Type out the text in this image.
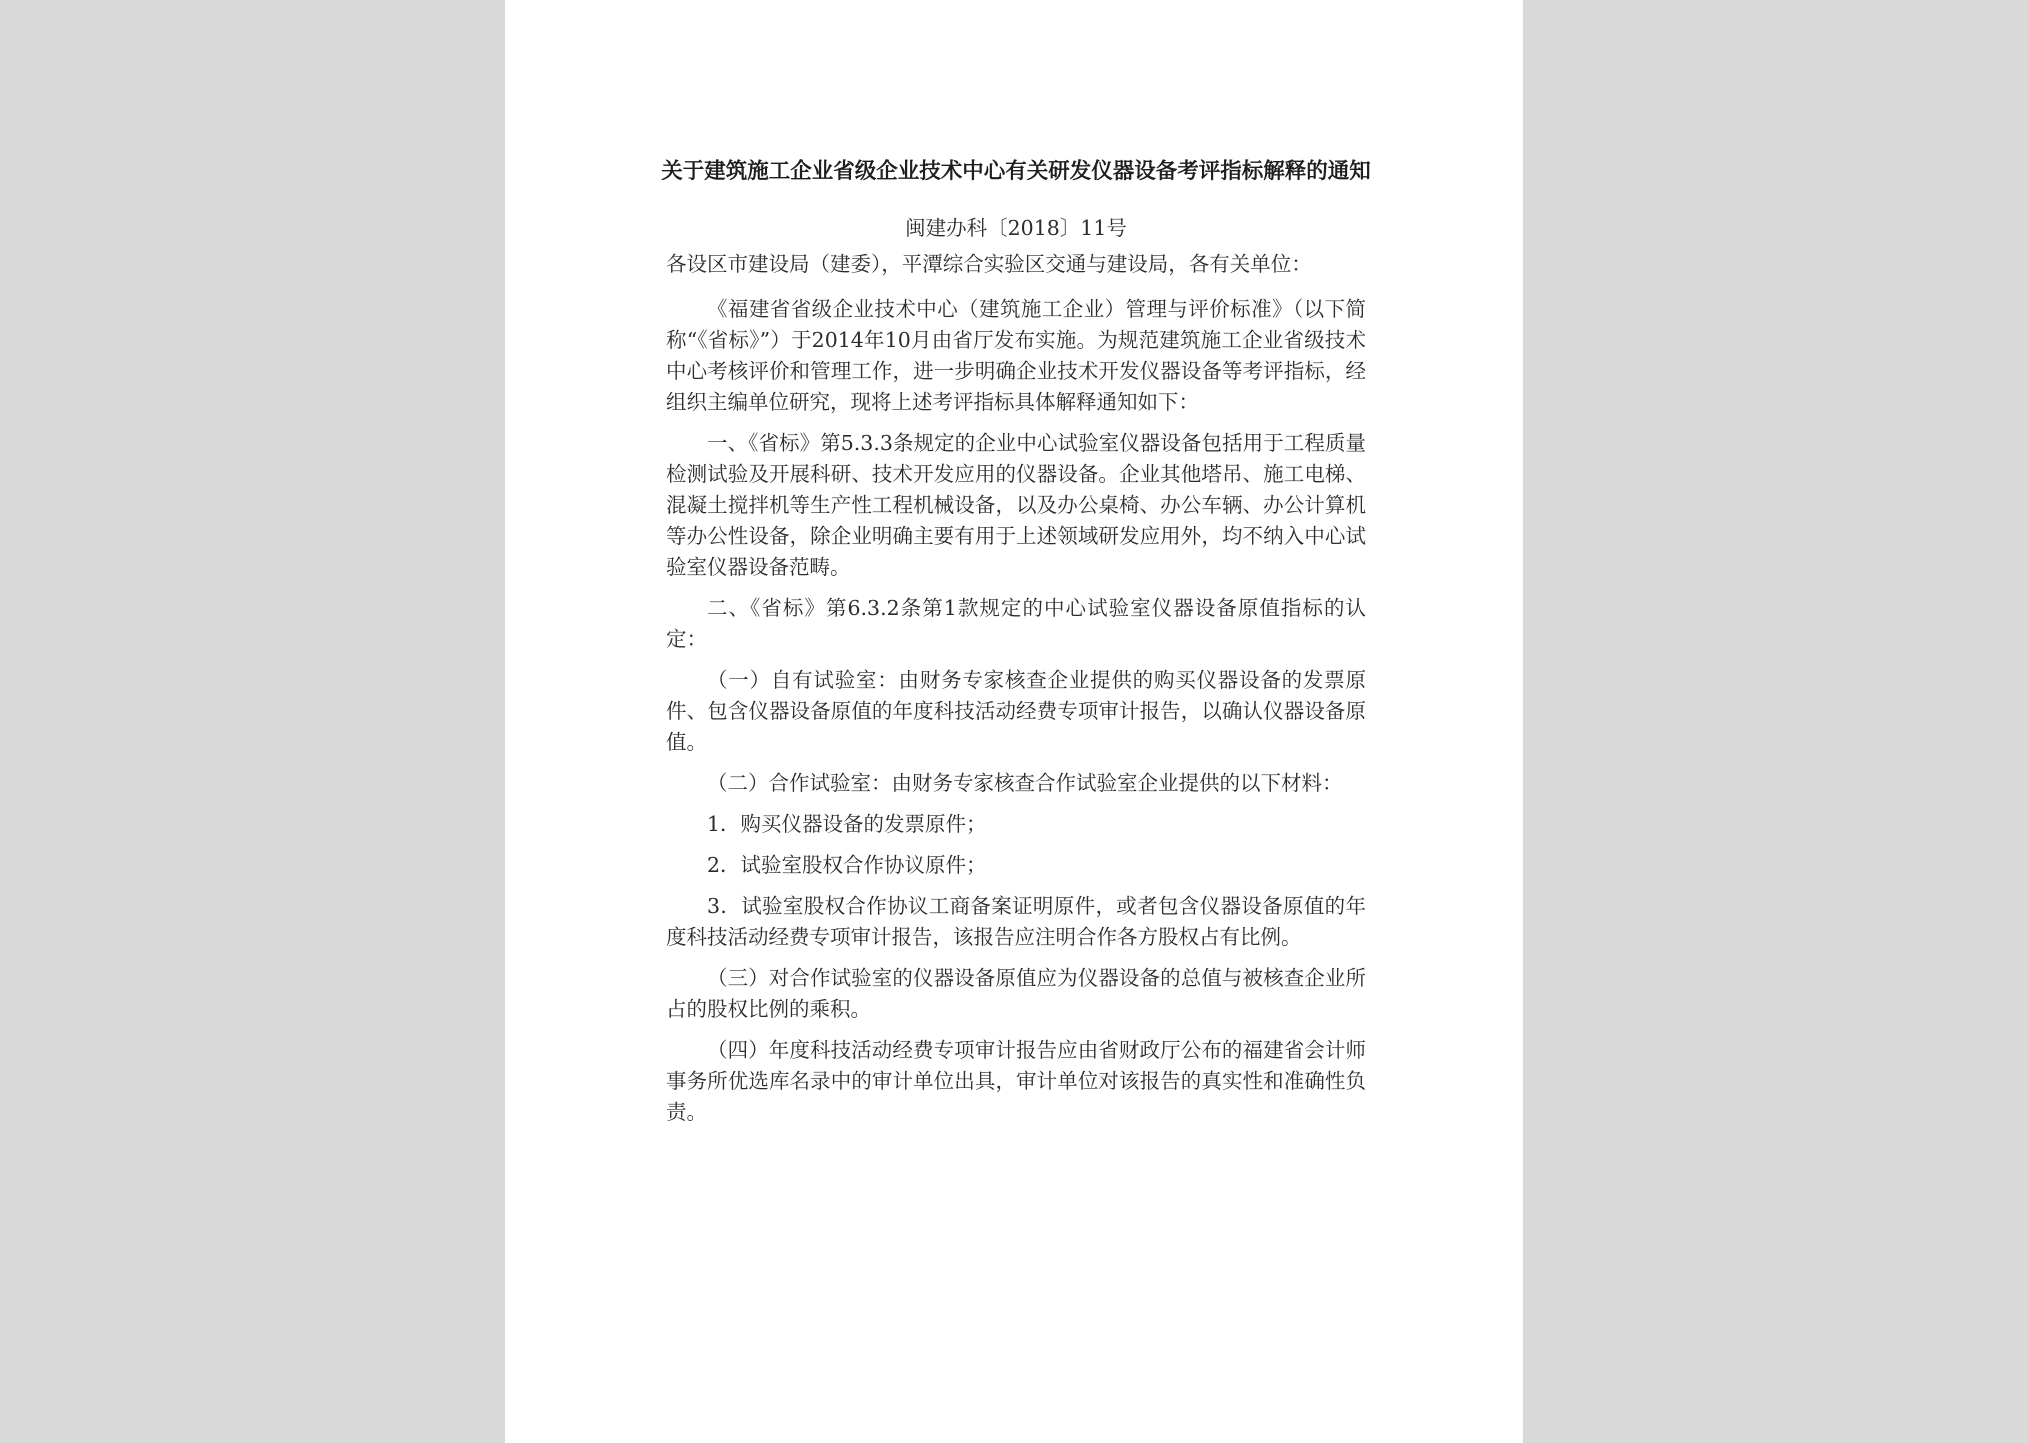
关于建筑施工企业省级企业技术中心有关研发仪器设备考评指标解释的通知
闽建办科〔2018〕11号
各设区市建设局（建委），平潭综合实验区交通与建设局，各有关单位：
《福建省省级企业技术中心（建筑施工企业）管理与评价标准》（以下简称“《省标》”）于2014年10月由省厅发布实施。为规范建筑施工企业省级技术中心考核评价和管理工作，进一步明确企业技术开发仪器设备等考评指标，经组织主编单位研究，现将上述考评指标具体解释通知如下：
一、《省标》第5.3.3条规定的企业中心试验室仪器设备包括用于工程质量检测试验及开展科研、技术开发应用的仪器设备。企业其他塔吊、施工电梯、混凝土搅拌机等生产性工程机械设备，以及办公桌椅、办公车辆、办公计算机等办公性设备，除企业明确主要有用于上述领域研发应用外，均不纳入中心试验室仪器设备范畴。
二、《省标》第6.3.2条第1款规定的中心试验室仪器设备原值指标的认定：
（一）自有试验室：由财务专家核查企业提供的购买仪器设备的发票原件、包含仪器设备原值的年度科技活动经费专项审计报告，以确认仪器设备原值。
（二）合作试验室：由财务专家核查合作试验室企业提供的以下材料：
1．购买仪器设备的发票原件；
2．试验室股权合作协议原件；
3．试验室股权合作协议工商备案证明原件，或者包含仪器设备原值的年度科技活动经费专项审计报告，该报告应注明合作各方股权占有比例。
（三）对合作试验室的仪器设备原值应为仪器设备的总值与被核查企业所占的股权比例的乘积。
（四）年度科技活动经费专项审计报告应由省财政厅公布的福建省会计师事务所优选库名录中的审计单位出具，审计单位对该报告的真实性和准确性负责。
